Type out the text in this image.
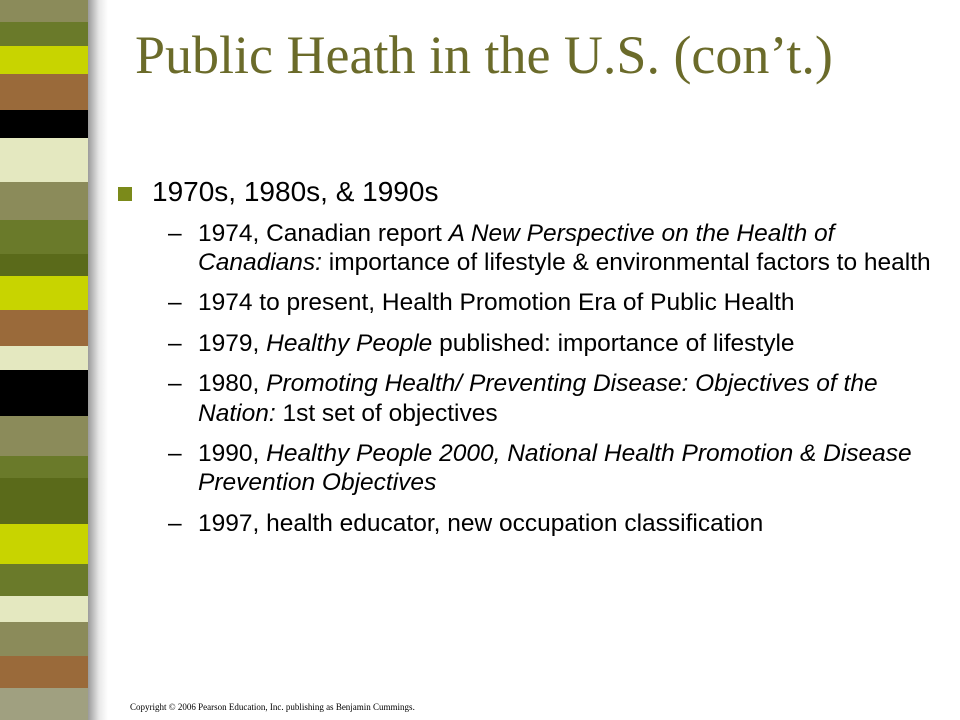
Public Heath in the U.S. (con’t.)
1970s, 1980s, & 1990s
– 1974, Canadian report A New Perspective on the Health of Canadians: importance of lifestyle & environmental factors to health
– 1974 to present, Health Promotion Era of Public Health
– 1979, Healthy People published: importance of lifestyle
– 1980, Promoting Health/ Preventing Disease: Objectives of the Nation: 1st set of objectives
– 1990, Healthy People 2000, National Health Promotion & Disease Prevention Objectives
– 1997, health educator, new occupation classification

Copyright © 2006 Pearson Education, Inc. publishing as Benjamin Cummings.
